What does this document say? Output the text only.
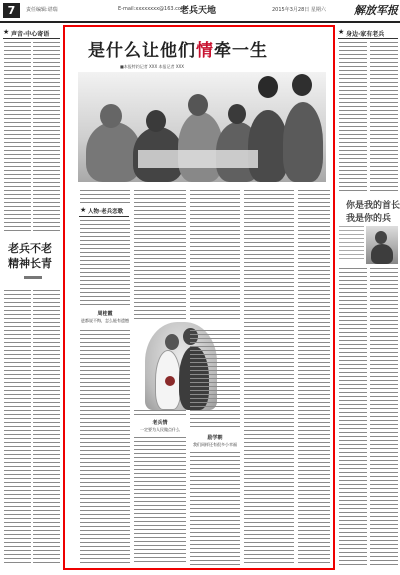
7	责任编辑:谌瑞	E-mail:xxxxxxxx@163.com
老兵天地	2015年3月28日 星期六	解放军报
★ 声音·中心寄语
老兵不老
精神长青
是什么让他们情牵一生
■本报特约记者 XXX 本报记者 XXX
★ 人物·老兵恋歌
周桂霞
进都说不悔，怎么能有遗憾
老兵情
一定要为人民做点什么
励学朝
我们同样还有很多小幸福
★ 身边·家有老兵
你是我的首长
我是你的兵
